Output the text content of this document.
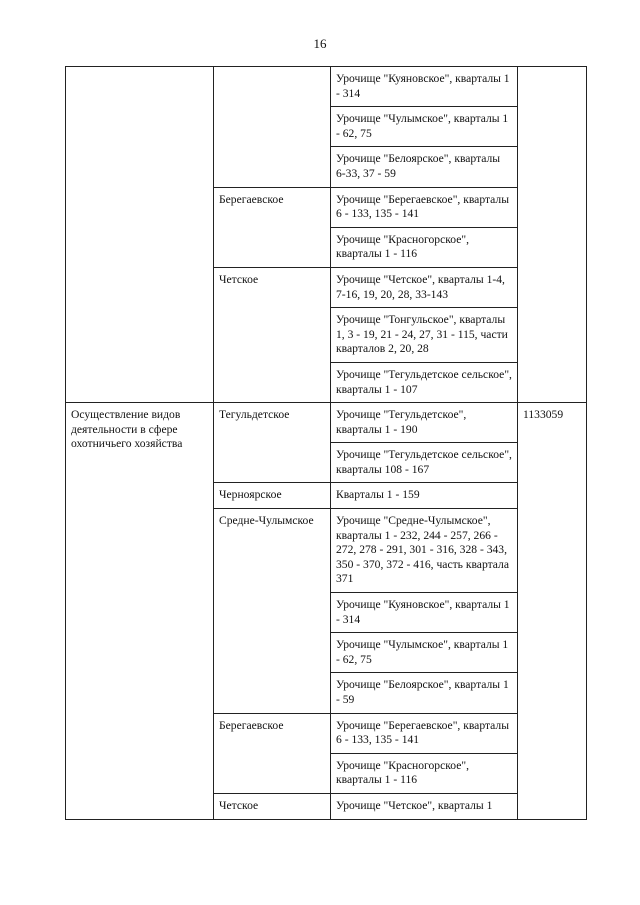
16
		Урочище "Куяновское", кварталы 1 - 314	
		Урочище "Чулымское", кварталы 1 - 62, 75	
		Урочище "Белоярское", кварталы 6-33, 37 - 59	
	Берегаевское	Урочище "Берегаевское", кварталы 6 - 133, 135 - 141	
		Урочище "Красногорское", кварталы 1 - 116	
	Четское	Урочище "Четское", кварталы 1-4, 7-16, 19, 20, 28, 33-143	
		Урочище "Тонгульское", кварталы 1, 3 - 19, 21 - 24, 27, 31 - 115, части кварталов 2, 20, 28	
		Урочище "Тегульдетское сельское", кварталы 1 - 107	
Осуществление видов деятельности в сфере охотничьего хозяйства	Тегульдетское	Урочище "Тегульдетское", кварталы 1 - 190	1133059
		Урочище "Тегульдетское сельское", кварталы 108 - 167	
	Черноярское	Кварталы 1 - 159	
	Средне-Чулымское	Урочище "Средне-Чулымское", кварталы 1 - 232, 244 - 257, 266 - 272, 278 - 291, 301 - 316, 328 - 343, 350 - 370, 372 - 416, часть квартала 371	
		Урочище "Куяновское", кварталы 1 - 314	
		Урочище "Чулымское", кварталы 1 - 62, 75	
		Урочище "Белоярское", кварталы 1 - 59	
	Берегаевское	Урочище "Берегаевское", кварталы 6 - 133, 135 - 141	
		Урочище "Красногорское", кварталы 1 - 116	
	Четское	Урочище "Четское", кварталы 1	
